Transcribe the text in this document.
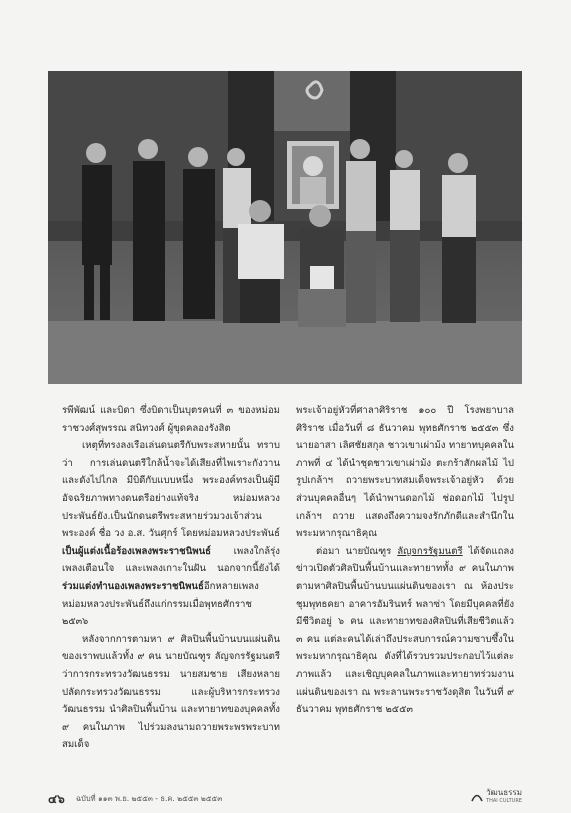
รพีพัฒน์ และบิดา ซึ่งบิดาเป็นบุตรคนที่ ๓ ของหม่อมราชวงศ์สุพรรณ สนิทวงศ์ ผู้ขุดคลองรังสิต

เหตุที่ทรงลงเรือเล่นดนตรีกับพระสหายนั้น ทราบว่า การเล่นดนตรีใกล้น้ำจะได้เสียงที่ไพเราะกังวาน และดังไปไกล มีบิดีกับแบบหนึ่ง พระองค์ทรงเป็นผู้มีอัจฉริยภาพทางดนตรีอย่างแท้จริง หม่อมหลวงประพันธ์ยัง.เป็นนักดนตรีพระสหายร่วมวงเจ้าส่วนพระองค์ ชื่อ วง อ.ส. วันศุกร์ โดยหม่อมหลวงประพันธ์เป็นผู้แต่งเนื้อร้องเพลงพระราชนิพนธ์ เพลงใกล้รุ่ง เพลงเตือนใจ และเพลงเกาะในฝัน นอกจากนี้ยังได้ร่วมแต่งทำนองเพลงพระราชนิพนธ์อีกหลายเพลง หม่อมหลวงประพันธ์ถึงแก่กรรมเมื่อพุทธศักราช ๒๕๓๖

หลังจากการตามหา ๙ ศิลปินพื้นบ้านบนแผ่นดินของเราพบแล้วทั้ง ๙ คน นายบัณฑูร ลัญจกรรัฐมนตรีว่าการกระทรวงวัฒนธรรม นายสมชาย เสียงหลาย ปลัดกระทรวงวัฒนธรรม และผู้บริหารกระทรวงวัฒนธรรม นำศิลปินพื้นบ้าน และทายาทของบุคคลทั้ง ๙ คนในภาพ ไปร่วมลงนามถวายพระพรพระบาทสมเด็จ

พระเจ้าอยู่หัวที่ศาลาศิริราช ๑๐๐ ปี โรงพยาบาลศิริราช เมื่อวันที่ ๘ ธันวาคม พุทธศักราช ๒๕๕๓ ซึ่งนายอาสา เลิศชัยสกุล ชาวเขาเผ่าม้ง ทายาทบุคคลในภาพที่ ๔ ได้นำชุดชาวเขาเผ่าม้ง ตะกร้าสักผลไม้ ไปรูปเกล้าฯ ถวายพระบาทสมเด็จพระเจ้าอยู่หัว ด้วย ส่วนบุคคลอื่นๆ ได้นำพานดอกไม้ ช่อดอกไม้ ไปรูปเกล้าฯ ถวาย แสดงถึงความจงรักภักดีและสำนึกในพระมหากรุณาธิคุณ

ต่อมา นายบัณฑูร ลัญจกรรัฐมนตรี ได้จัดแถลงข่าวเปิดตัวศิลปินพื้นบ้านและทายาททั้ง ๙ คนในภาพ ตามหาศิลปินพื้นบ้านบนแผ่นดินของเรา ณ ห้องประชุมพุทธคยา อาคารอัมรินทร์ พลาซ่า โดยมีบุคคลที่ยังมีชีวิตอยู่ ๖ คน และทายาทของศิลปินที่เสียชีวิตแล้ว ๓ คน แต่ละคนได้เล่าถึงประสบการณ์ความซาบซึ้งในพระมหากรุณาธิคุณ ดังที่ได้รวบรวมประกอบไว้แต่ละภาพแล้ว และเชิญบุคคลในภาพและทายาทร่วมงานแผ่นดินของเรา ณ พระลานพระราชวังดุสิต ในวันที่ ๙ ธันวาคม พุทธศักราช ๒๕๕๓

๔๖ ฉบับที่ ๑๑๓ พ.ย. ๒๕๕๓ - ธ.ค. ๒๕๕๓ ๒๕๕๓
วัฒนธรรม
THAI CULTURE
